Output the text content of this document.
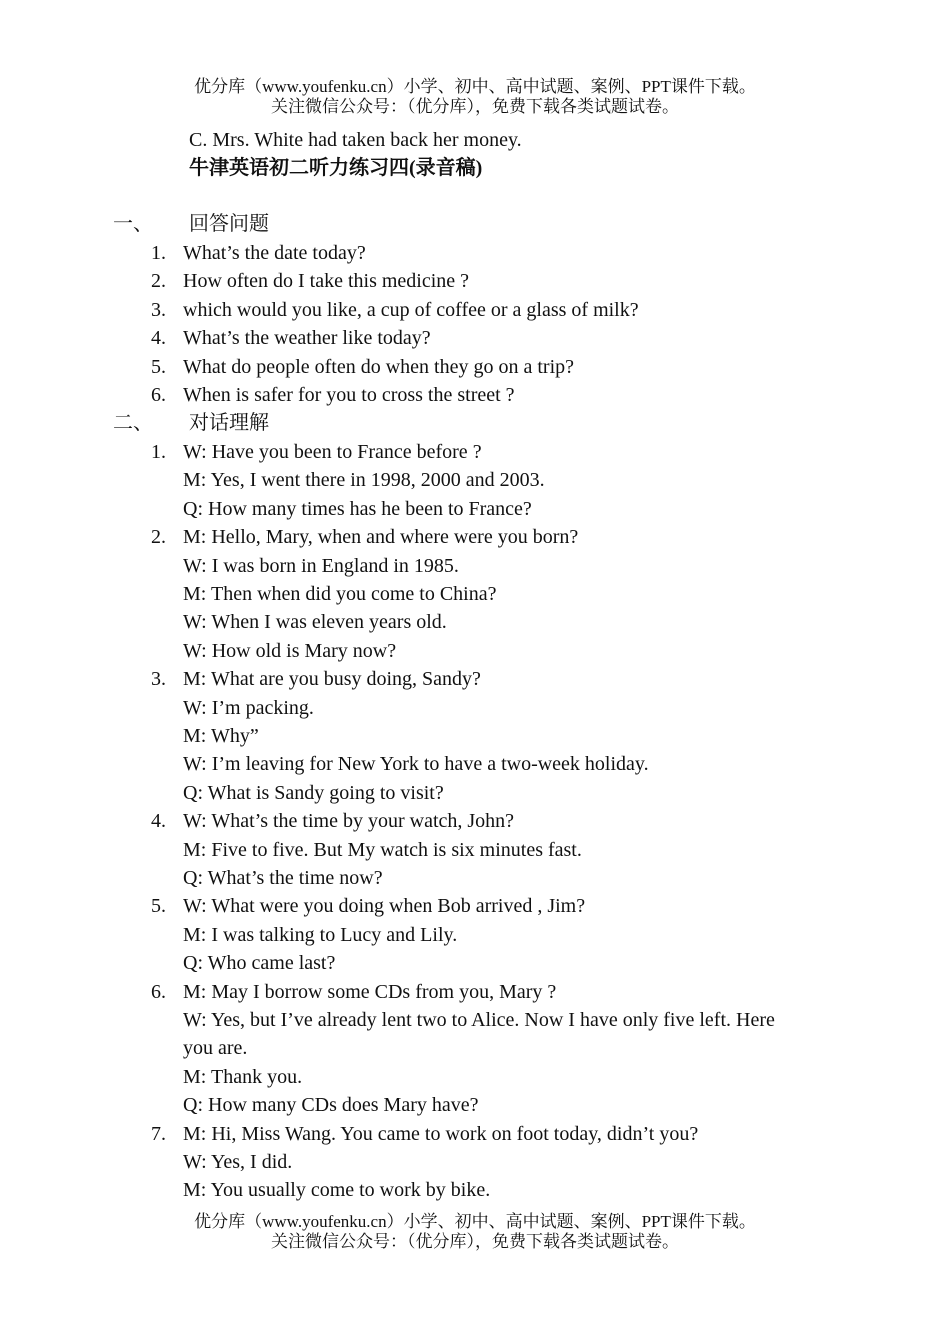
优分库（www.youfenku.cn）小学、初中、高中试题、案例、PPT课件下载。
关注微信公众号：（优分库），免费下载各类试题试卷。
C. Mrs. White had taken back her money.
牛津英语初二听力练习四(录音稿)
一、 回答问题
1. What’s the date today?
2. How often do I take this medicine ?
3. which would you like, a cup of coffee or a glass of milk?
4. What’s the weather like today?
5. What do people often do when they go on a trip?
6. When is safer for you to cross the street ?
二、 对话理解
1. W: Have you been to France before ?
M: Yes, I went there in 1998, 2000 and 2003.
Q: How many times has he been to France?
2. M: Hello, Mary, when and where were you born?
W: I was born in England in 1985.
M: Then when did you come to China?
W: When I was eleven years old.
W: How old is Mary now?
3. M: What are you busy doing, Sandy?
W: I’m packing.
M: Why”
W: I’m leaving for New York to have a two-week holiday.
Q: What is Sandy going to visit?
4. W: What’s the time by your watch, John?
M: Five to five. But My watch is six minutes fast.
Q: What’s the time now?
5. W: What were you doing when Bob arrived , Jim?
M: I was talking to Lucy and Lily.
Q: Who came last?
6. M: May I borrow some CDs from you, Mary ?
W: Yes, but I’ve already lent two to Alice. Now I have only five left. Here
you are.
M: Thank you.
Q: How many CDs does Mary have?
7. M: Hi, Miss Wang. You came to work on foot today, didn’t you?
W: Yes, I did.
M: You usually come to work by bike.
优分库（www.youfenku.cn）小学、初中、高中试题、案例、PPT课件下载。
关注微信公众号：（优分库），免费下载各类试题试卷。
